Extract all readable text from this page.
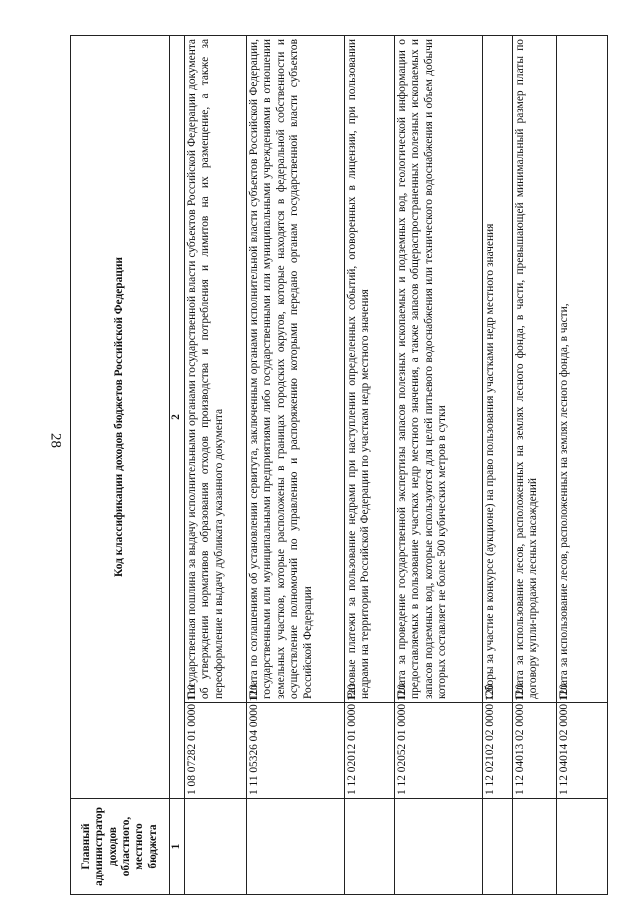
28
Главный администратор доходов областного, местного бюджета	Код классификации доходов бюджетов Российской Федерации	
1	2	
	1 08 07282 01 0000 110	Государственная пошлина за выдачу исполнительными органами государственной власти субъектов Российской Федерации документа об утверждении нормативов образования отходов производства и потребления и лимитов на их размещение, а также за переоформление и выдачу дубликата указанного документа
	1 11 05326 04 0000 120	Плата по соглашениям об установлении сервитута, заключенным органами исполнительной власти субъектов Российской Федерации, государственными или муниципальными предприятиями либо государственными или муниципальными учреждениями в отношении земельных участков, которые расположены в границах городских округов, которые находятся в федеральной собственности и осуществление полномочий по управлению и распоряжению которыми передано органам государственной власти субъектов Российской Федерации
	1 12 02012 01 0000 120	Разовые платежи за пользование недрами при наступлении определенных событий, оговоренных в лицензии, при пользовании недрами на территории Российской Федерации по участкам недр местного значения
	1 12 02052 01 0000 120	Плата за проведение государственной экспертизы запасов полезных ископаемых и подземных вод, геологической информации о предоставляемых в пользование участках недр местного значения, а также запасов общераспространенных полезных ископаемых и запасов подземных вод, которые используются для целей питьевого водоснабжения или технического водоснабжения и объем добычи которых составляет не более 500 кубических метров в сутки
	1 12 02102 02 0000 120	Сборы за участие в конкурсе (аукционе) на право пользования участками недр местного значения
	1 12 04013 02 0000 120	Плата за использование лесов, расположенных на землях лесного фонда, в части, превышающей минимальный размер платы по договору купли-продажи лесных насаждений
	1 12 04014 02 0000 120	Плата за использование лесов, расположенных на землях лесного фонда, в части,
